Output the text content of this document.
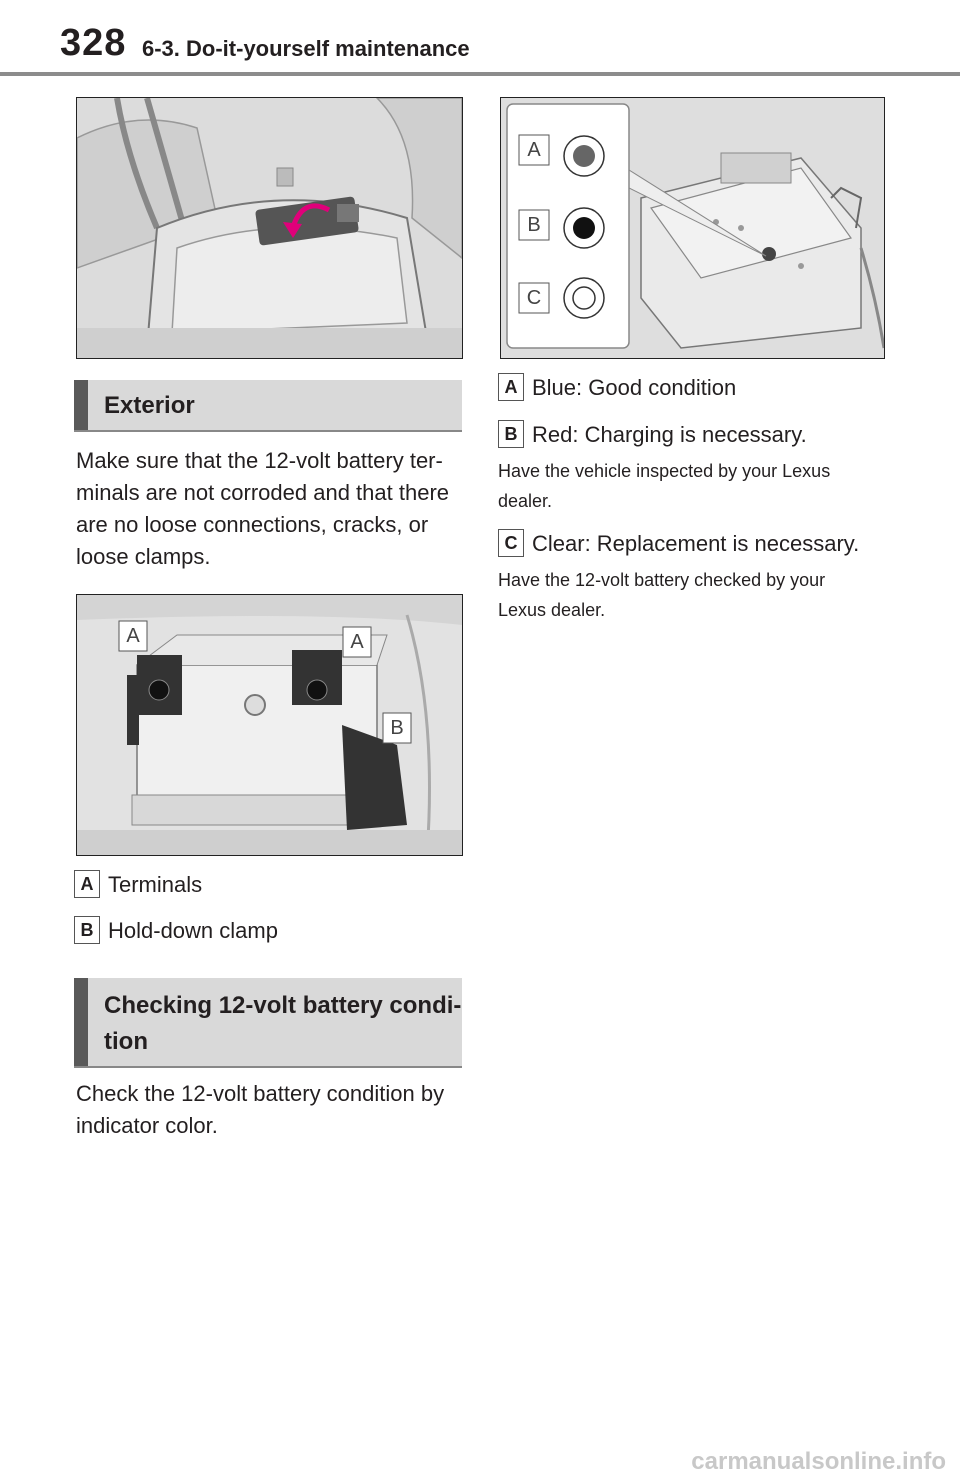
328 6-3. Do-it-yourself maintenance
A
B
C
Exterior
Make sure that the 12-volt battery ter-
minals are not corroded and that there
are no loose connections, cracks, or
loose clamps.
A	A
B
A Terminals
B Hold-down clamp
Checking 12-volt battery condi-
tion
Check the 12-volt battery condition by
indicator color.
A Blue: Good condition
B Red: Charging is necessary.
Have the vehicle inspected by your Lexus
dealer.
C Clear: Replacement is necessary.
Have the 12-volt battery checked by your
Lexus dealer.
carmanualsonline.info
